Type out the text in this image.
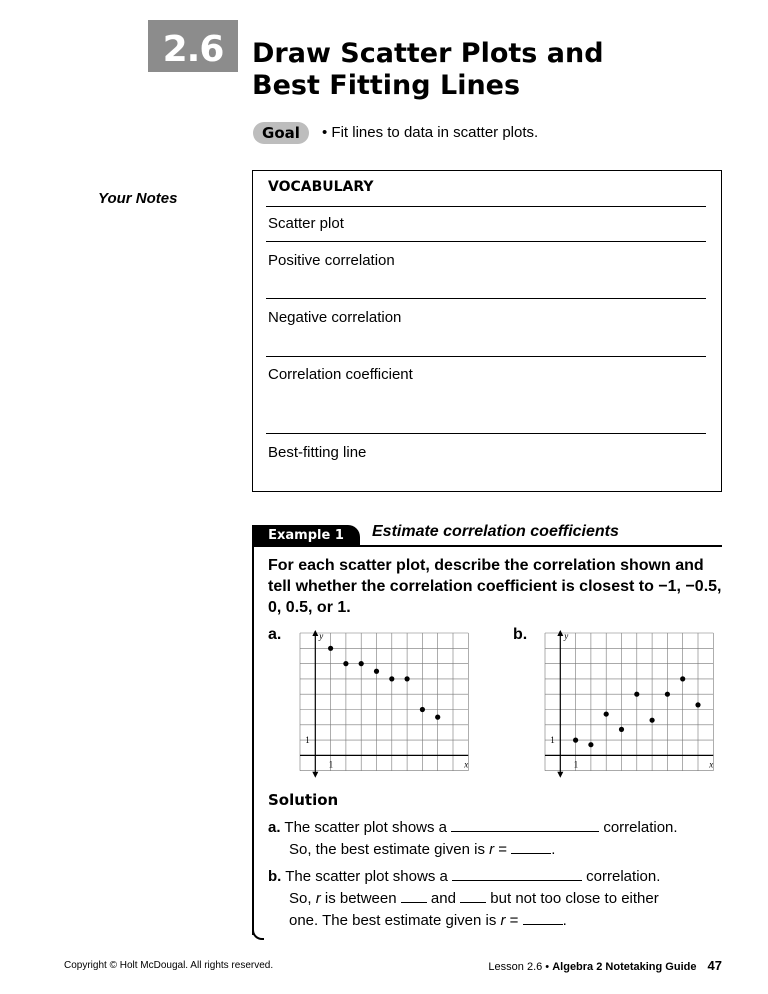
2.6	Draw Scatter Plots and
Best Fitting Lines
Goal	• Fit lines to data in scatter plots.
Your Notes
VOCABULARY
Scatter plot
Positive correlation
Negative correlation
Correlation coefficient
Best-fitting line
Example 1	Estimate correlation coefficients
For each scatter plot, describe the correlation shown and tell whether the correlation coefficient is closest to −1, −0.5, 0, 0.5, or 1.
a.	y
x
1
1
b.	y
x
1
1
Solution
a. The scatter plot shows a	correlation.
So, the best estimate given is r =	.
b. The scatter plot shows a	correlation.
So, r is between and but not too close to either
one. The best estimate given is r =	.
Copyright © Holt McDougal. All rights reserved.	Lesson 2.6 • Algebra 2 Notetaking Guide 47
